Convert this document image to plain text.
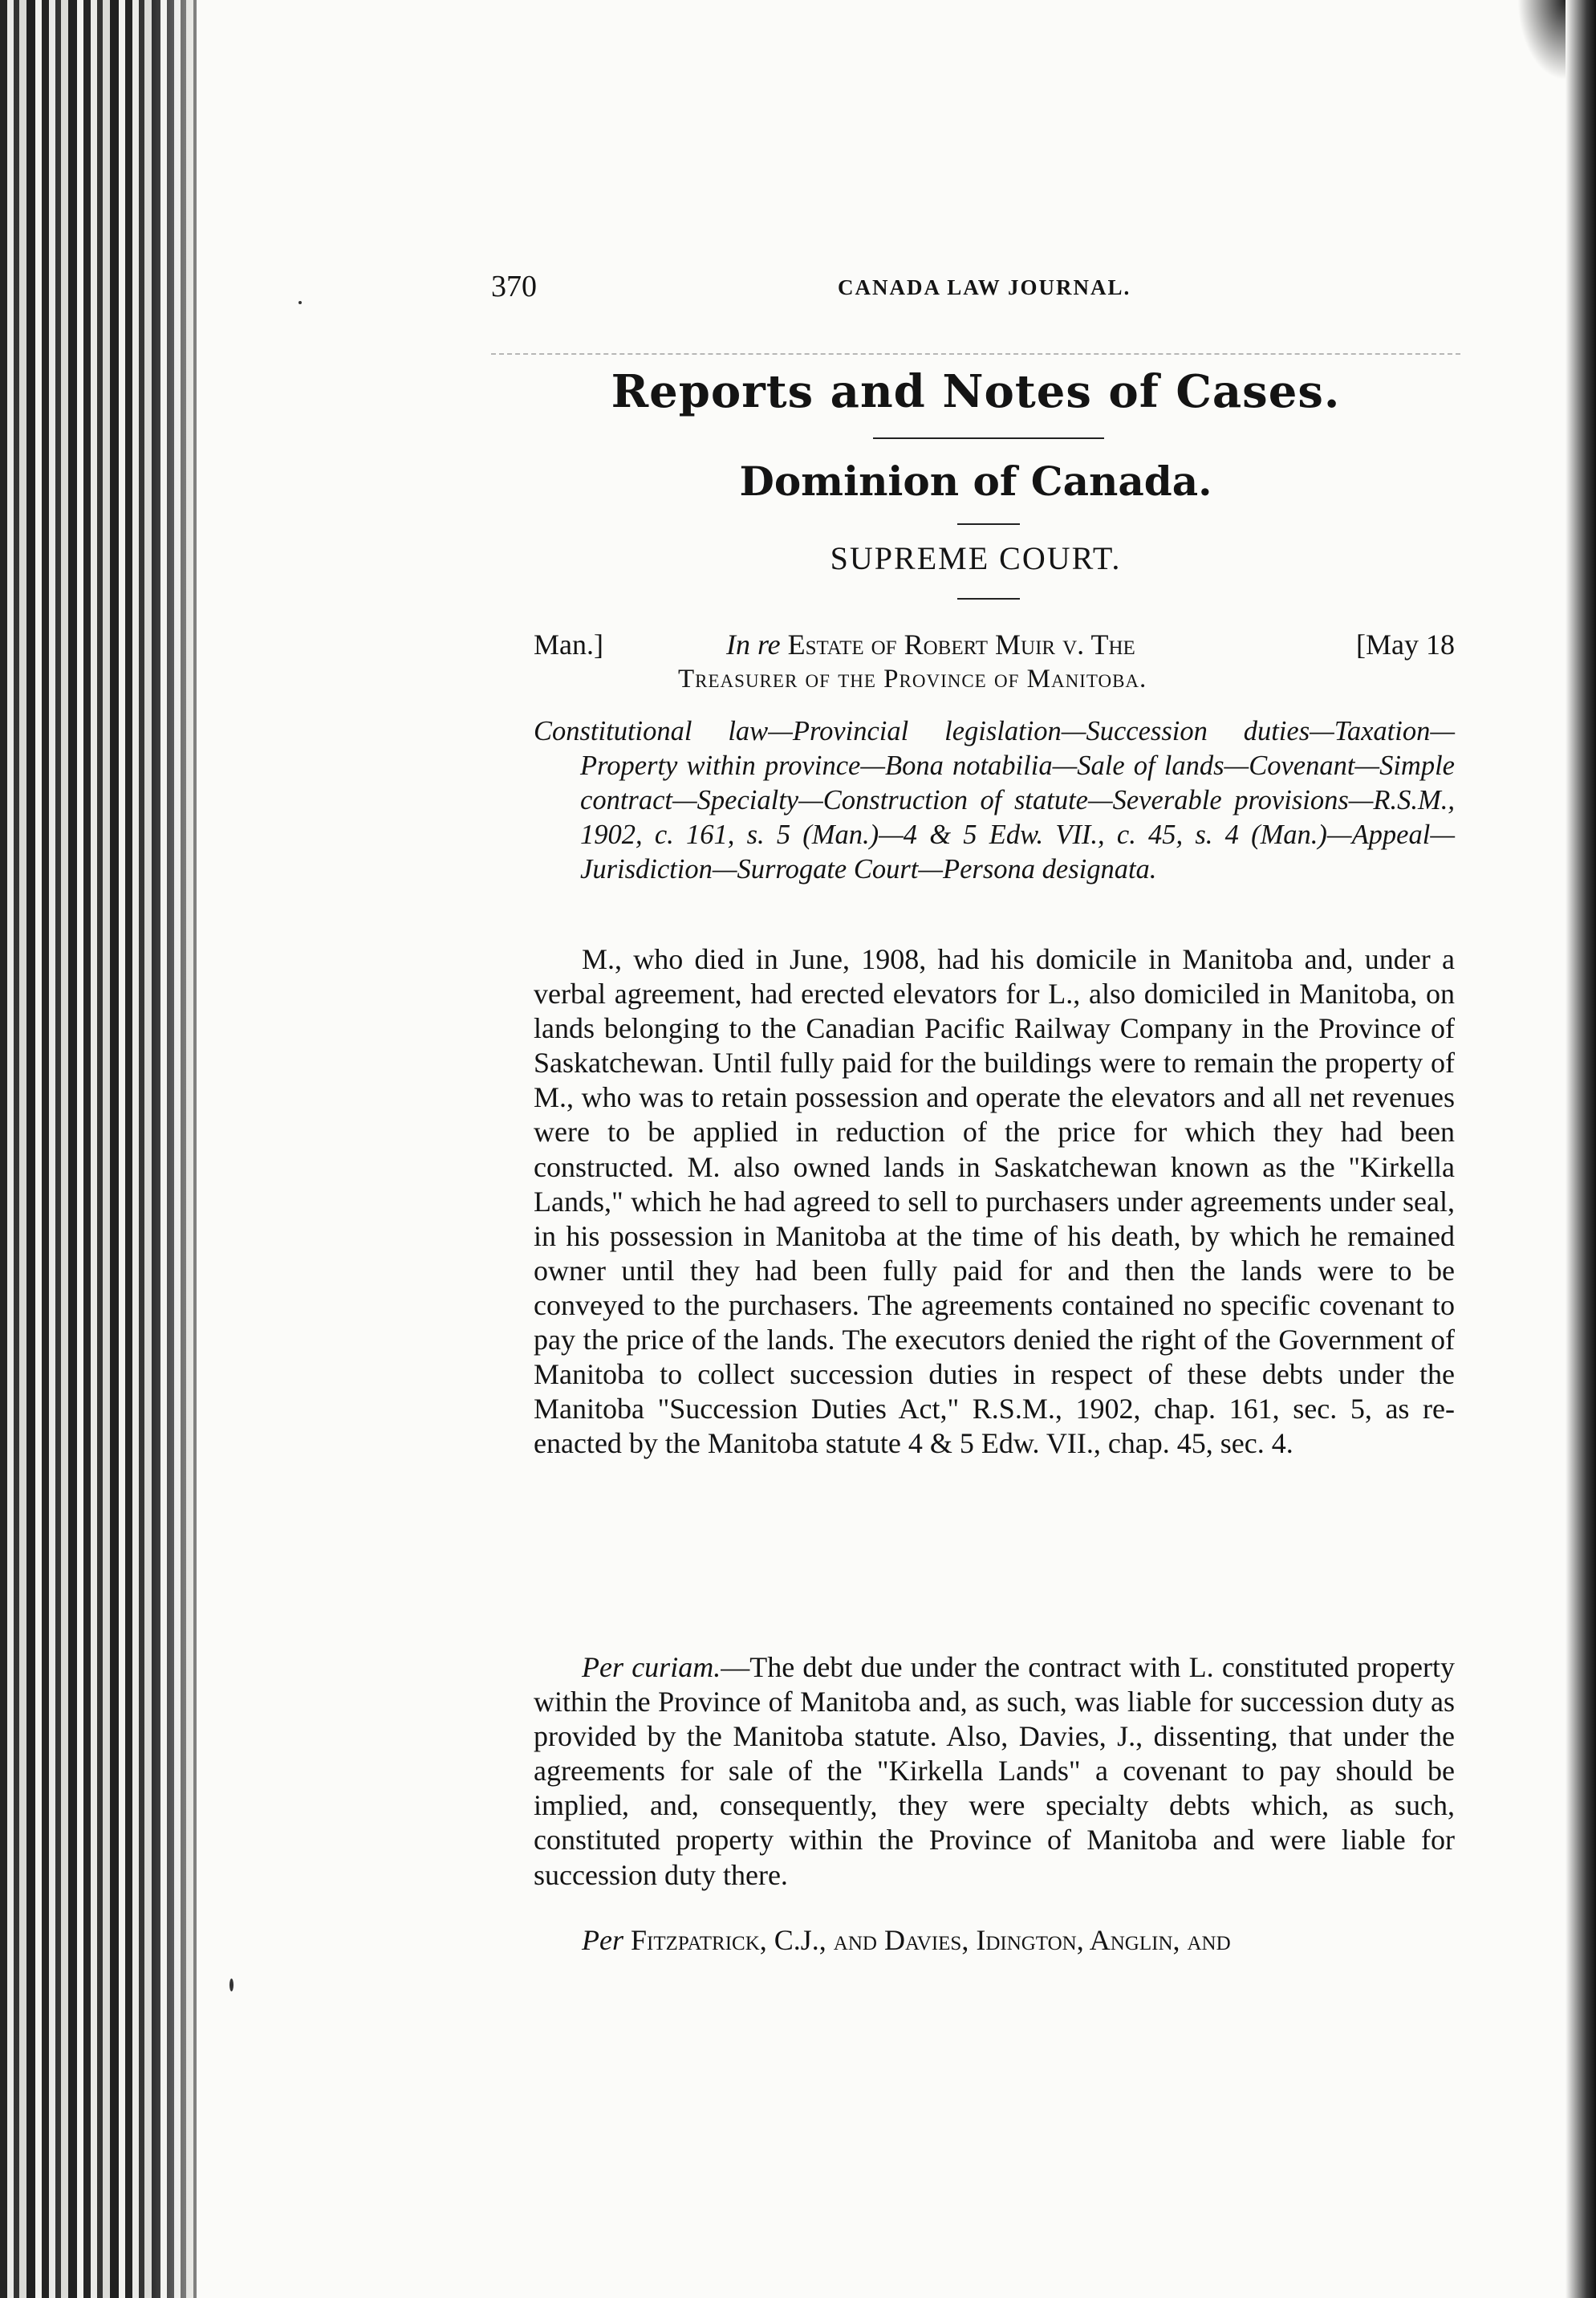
370	CANADA LAW JOURNAL.
Reports and Notes of Cases.
Dominion of Canada.
SUPREME COURT.
Man.]	In re Estate of Robert Muir v. The	[May 18
Treasurer of the Province of Manitoba.
Constitutional law—Provincial legislation—Succession duties—Taxation—Property within province—Bona notabilia—Sale of lands—Covenant—Simple contract—Specialty—Construction of statute—Severable provisions—R.S.M., 1902, c. 161, s. 5 (Man.)—4 & 5 Edw. VII., c. 45, s. 4 (Man.)—Appeal—Jurisdiction—Surrogate Court—Persona designata.
M., who died in June, 1908, had his domicile in Manitoba and, under a verbal agreement, had erected elevators for L., also domiciled in Manitoba, on lands belonging to the Canadian Pacific Railway Company in the Province of Saskatchewan. Until fully paid for the buildings were to remain the property of M., who was to retain possession and operate the elevators and all net revenues were to be applied in reduction of the price for which they had been constructed. M. also owned lands in Saskatchewan known as the "Kirkella Lands," which he had agreed to sell to purchasers under agreements under seal, in his possession in Manitoba at the time of his death, by which he remained owner until they had been fully paid for and then the lands were to be conveyed to the purchasers. The agreements contained no specific covenant to pay the price of the lands. The executors denied the right of the Government of Manitoba to collect succession duties in respect of these debts under the Manitoba "Succession Duties Act," R.S.M., 1902, chap. 161, sec. 5, as re-enacted by the Manitoba statute 4 & 5 Edw. VII., chap. 45, sec. 4.
Per curiam.—The debt due under the contract with L. constituted property within the Province of Manitoba and, as such, was liable for succession duty as provided by the Manitoba statute. Also, Davies, J., dissenting, that under the agreements for sale of the "Kirkella Lands" a covenant to pay should be implied, and, consequently, they were specialty debts which, as such, constituted property within the Province of Manitoba and were liable for succession duty there.
Per Fitzpatrick, C.J., and Davies, Idington, Anglin, and
